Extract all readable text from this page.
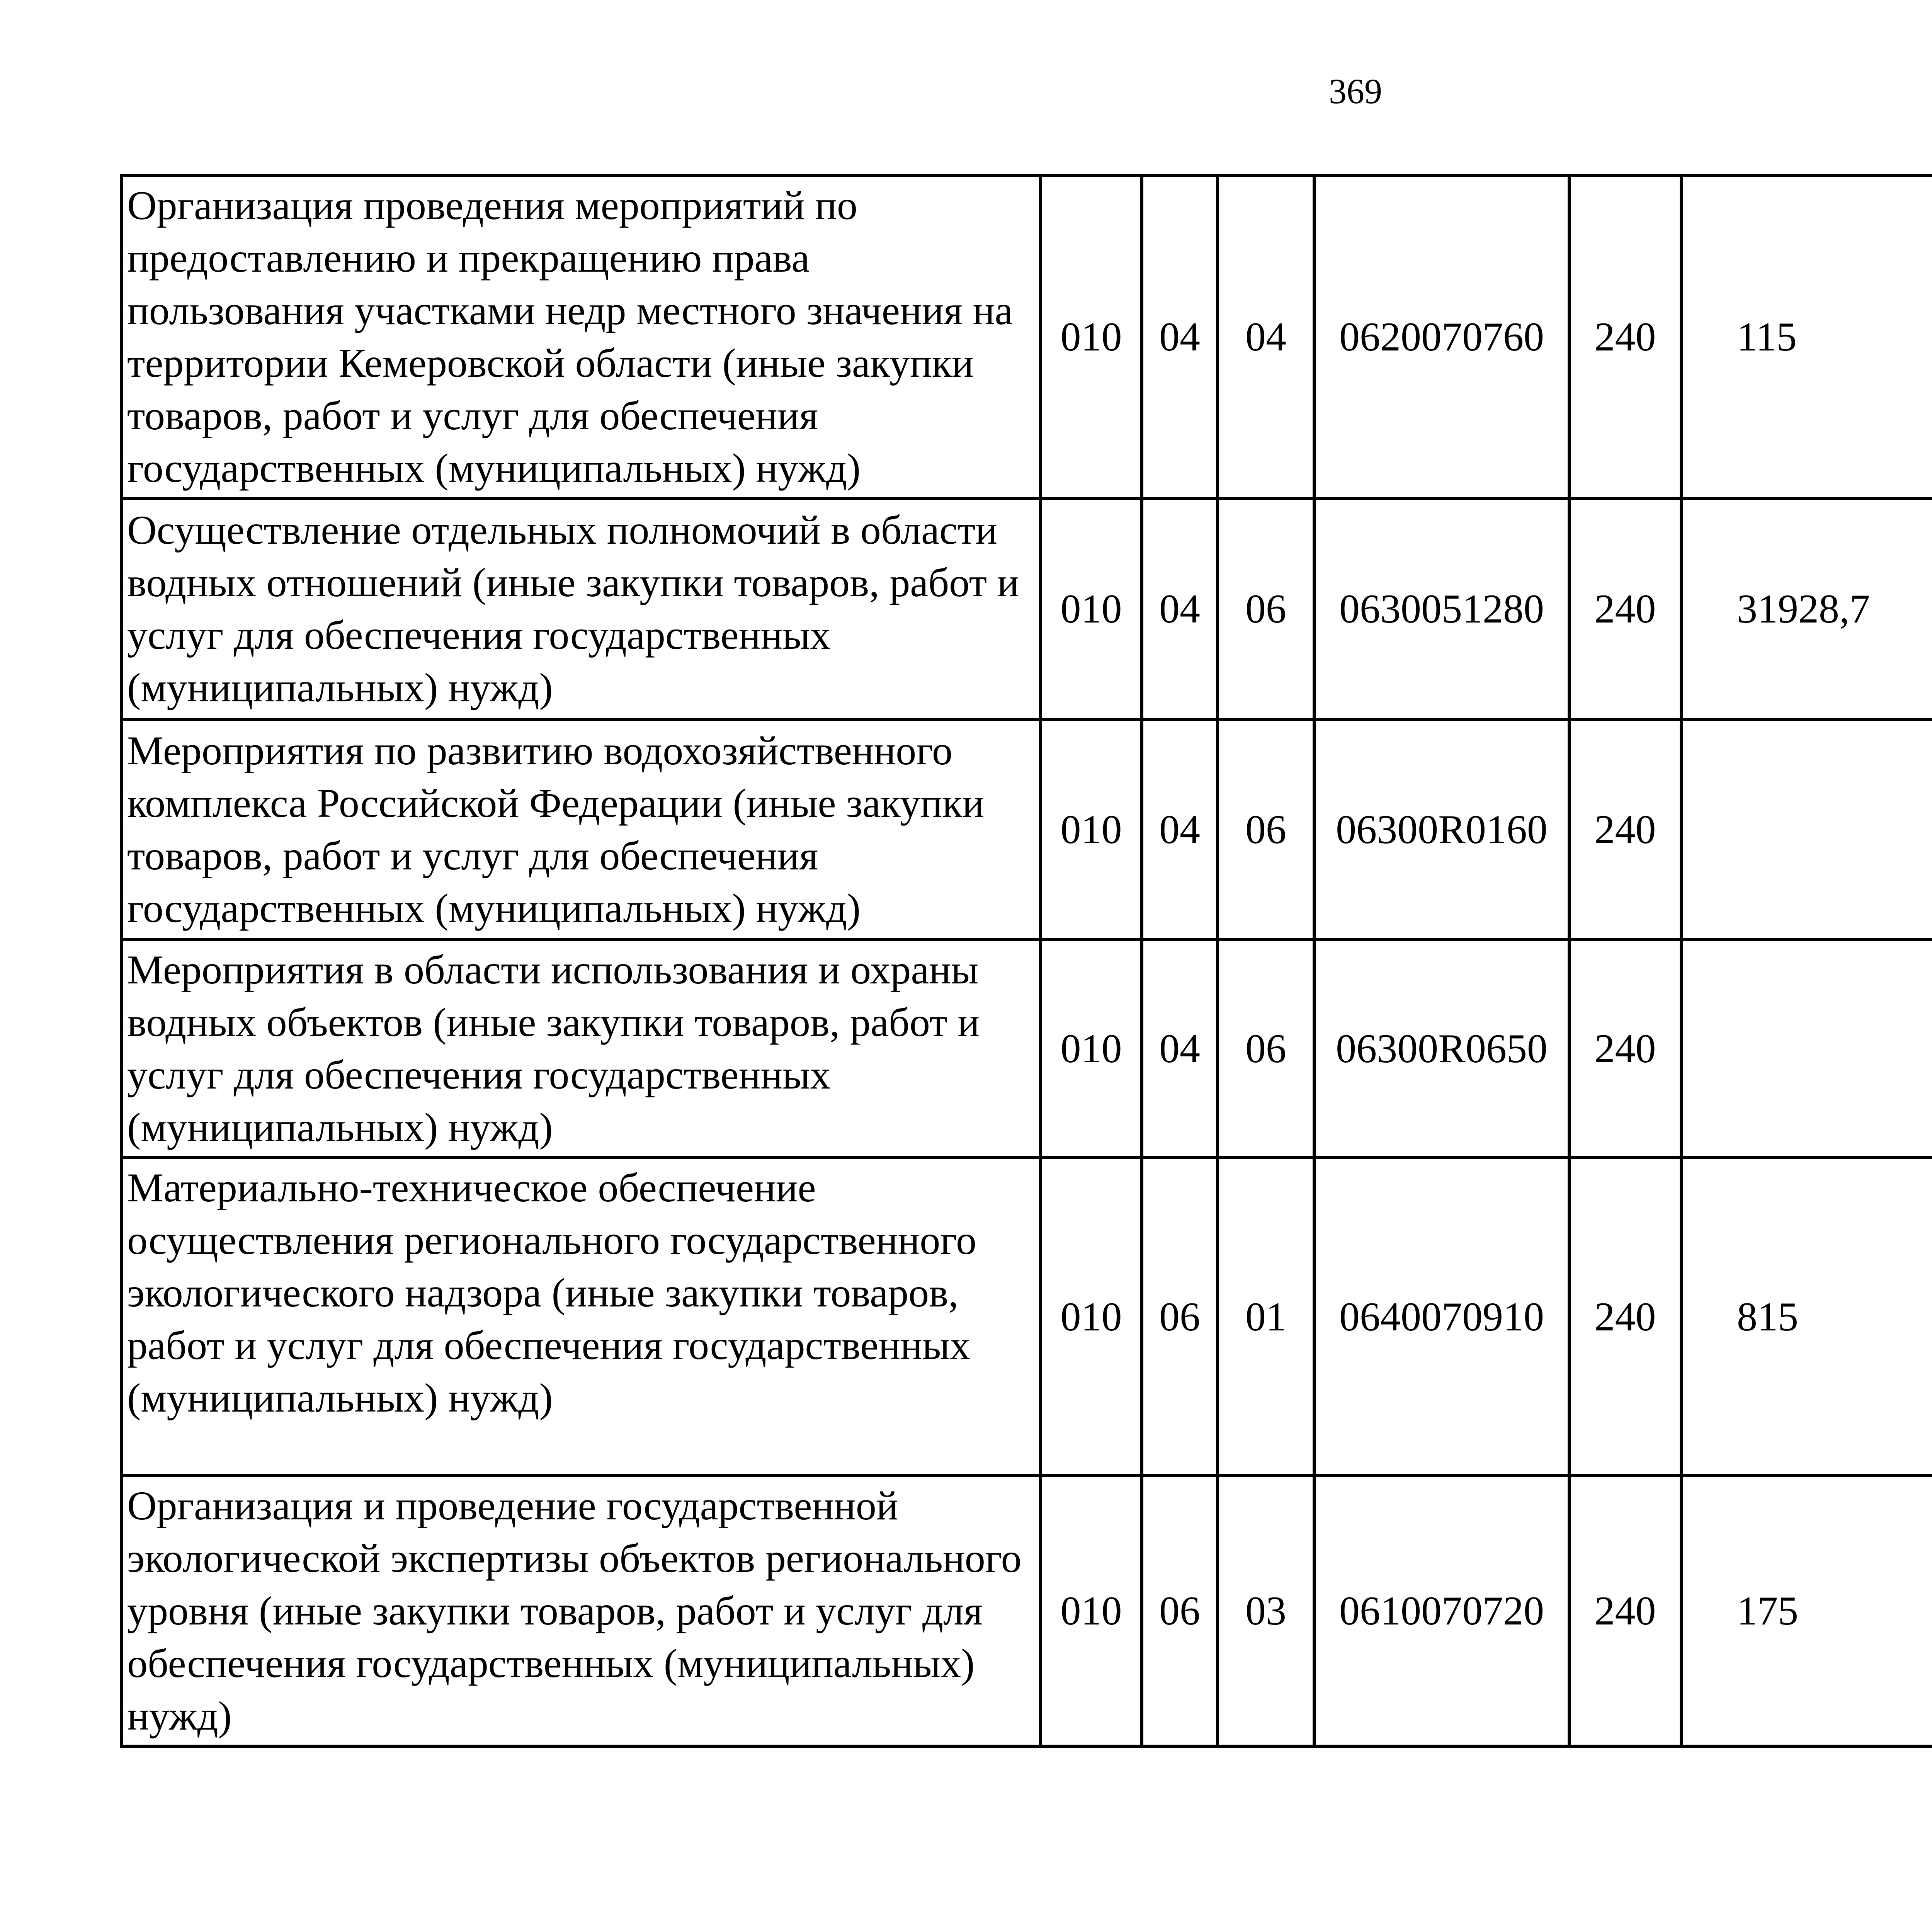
369
Организация проведения мероприятий по предоставлению и прекращению права пользования участками недр местного значения на территории Кемеровской области (иные закупки товаров, работ и услуг для обеспечения государственных (муниципальных) нужд)	010	04	04	0620070760	240	115		
Осуществление отдельных полномочий в области водных отношений (иные закупки товаров, работ и услуг для обеспечения государственных (муниципальных) нужд)	010	04	06	0630051280	240	31928,7		
Мероприятия по развитию водохозяйственного комплекса Российской Федерации (иные закупки товаров, работ и услуг для обеспечения государственных (муниципальных) нужд)	010	04	06	06300R0160	240			
Мероприятия в области использования и охраны водных объектов (иные закупки товаров, работ и услуг для обеспечения государственных (муниципальных) нужд)	010	04	06	06300R0650	240			
Материально-техническое обеспечение осуществления регионального государственного экологического надзора (иные закупки товаров, работ и услуг для обеспечения государственных (муниципальных) нужд)	010	06	01	0640070910	240	815		
Организация и проведение государственной экологической экспертизы объектов регионального уровня (иные закупки товаров, работ и услуг для обеспечения государственных (муниципальных) нужд)	010	06	03	0610070720	240	175		
